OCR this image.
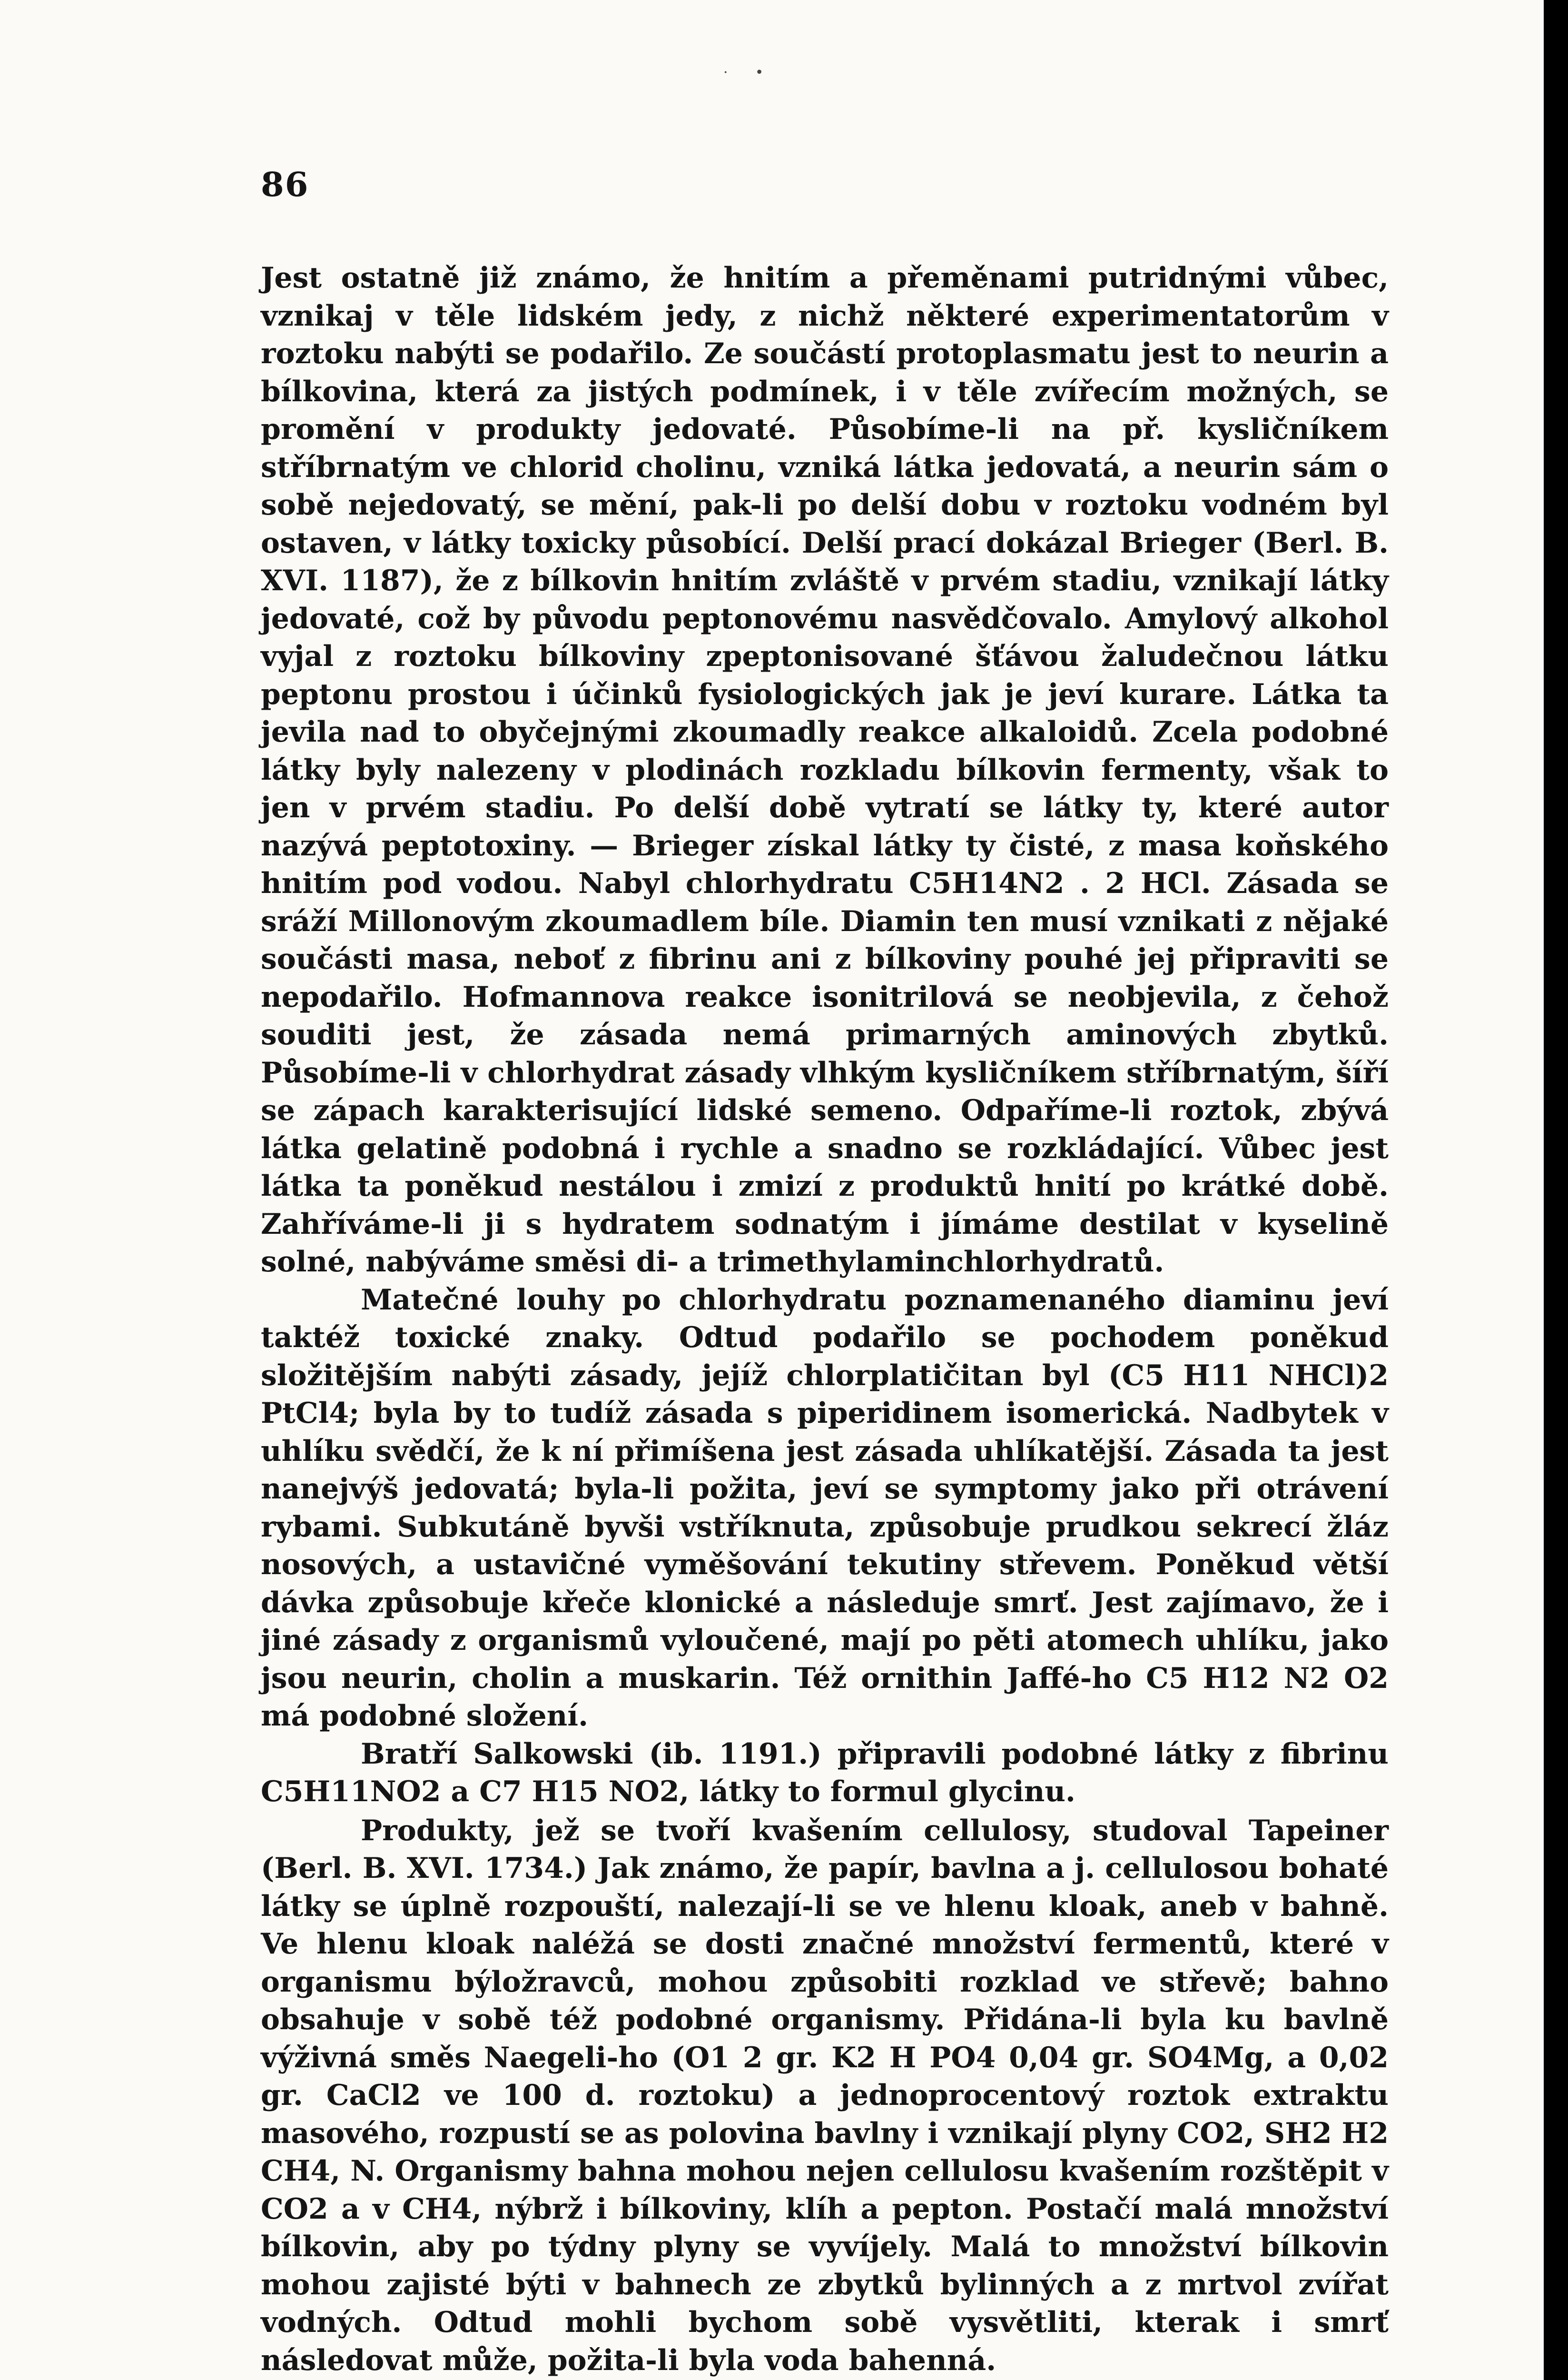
·      •
86

Jest ostatně již známo, že hnitím a přeměnami putridnými vůbec, vznikaj v těle lidském jedy, z nichž některé experimentatorům v roztoku nabýti se podařilo. Ze součástí protoplasmatu jest to neurin a bílkovina, která za jistých podmínek, i v těle zvířecím možných, se promění v produkty jedovaté. Působíme-li na př. kysličníkem stříbrnatým ve chlorid cholinu, vzniká látka jedovatá, a neurin sám o sobě nejedovatý, se mění, pak-li po delší dobu v roztoku vodném byl ostaven, v látky toxicky působící. Delší prací dokázal Brieger (Berl. B. XVI. 1187), že z bílkovin hnitím zvláště v prvém stadiu, vznikají látky jedovaté, což by původu peptonovému nasvědčovalo. Amylový alkohol vyjal z roztoku bílkoviny zpeptonisované šťávou žaludečnou látku peptonu prostou i účinků fysiologických jak je jeví kurare. Látka ta jevila nad to obyčejnými zkoumadly reakce alkaloidů. Zcela podobné látky byly nalezeny v plodinách rozkladu bílkovin fermenty, však to jen v prvém stadiu. Po delší době vytratí se látky ty, které autor nazývá peptotoxiny. — Brieger získal látky ty čisté, z masa koňského hnitím pod vodou. Nabyl chlorhydratu C5H14N2 . 2 HCl. Zásada se sráží Millonovým zkoumadlem bíle. Diamin ten musí vznikati z nějaké součásti masa, neboť z fibrinu ani z bílkoviny pouhé jej připraviti se nepodařilo. Hofmannova reakce isonitrilová se neobjevila, z čehož souditi jest, že zásada nemá primarných aminových zbytků. Působíme-li v chlorhydrat zásady vlhkým kysličníkem stříbrnatým, šíří se zápach karakterisující lidské semeno. Odpaříme-li roztok, zbývá látka gelatině podobná i rychle a snadno se rozkládající. Vůbec jest látka ta poněkud nestálou i zmizí z produktů hnití po krátké době. Zahříváme-li ji s hydratem sodnatým i jímáme destilat v kyselině solné, nabýváme směsi di- a trimethylaminchlorhydratů.

Matečné louhy po chlorhydratu poznamenaného diaminu jeví taktéž toxické znaky. Odtud podařilo se pochodem poněkud složitějším nabýti zásady, jejíž chlorplatičitan byl (C5 H11 NHCl)2 PtCl4; byla by to tudíž zásada s piperidinem isomerická. Nadbytek v uhlíku svědčí, že k ní přimíšena jest zásada uhlíkatější. Zásada ta jest nanejvýš jedovatá; byla-li požita, jeví se symptomy jako při otrávení rybami. Subkutáně byvši vstříknuta, způsobuje prudkou sekrecí žláz nosových, a ustavičné vyměšování tekutiny střevem. Poněkud větší dávka způsobuje křeče klonické a následuje smrť. Jest zajímavo, že i jiné zásady z organismů vyloučené, mají po pěti atomech uhlíku, jako jsou neurin, cholin a muskarin. Též ornithin Jaffé-ho C5 H12 N2 O2 má podobné složení.

Bratří Salkowski (ib. 1191.) připravili podobné látky z fibrinu C5H11NO2 a C7 H15 NO2, látky to formul glycinu.

Produkty, jež se tvoří kvašením cellulosy, studoval Tapeiner (Berl. B. XVI. 1734.) Jak známo, že papír, bavlna a j. cellulosou bohaté látky se úplně rozpouští, nalezají-li se ve hlenu kloak, aneb v bahně. Ve hlenu kloak naléžá se dosti značné množství fermentů, které v organismu býložravců, mohou způsobiti rozklad ve střevě; bahno obsahuje v sobě též podobné organismy. Přidána-li byla ku bavlně výživná směs Naegeli-ho (O1 2 gr. K2 H PO4 0,04 gr. SO4Mg, a 0,02 gr. CaCl2 ve 100 d. roztoku) a jednoprocentový roztok extraktu masového, rozpustí se as polovina bavlny i vznikají plyny CO2, SH2 H2 CH4, N. Organismy bahna mohou nejen cellulosu kvašením rozštěpit v CO2 a v CH4, nýbrž i bílkoviny, klíh a pepton. Postačí malá množství bílkovin, aby po týdny plyny se vyvíjely. Malá to množství bílkovin mohou zajisté býti v bahnech ze zbytků bylinných a z mrtvol zvířat vodných. Odtud mohli bychom sobě vysvětliti, kterak i smrť následovat může, požita-li byla voda bahenná.
